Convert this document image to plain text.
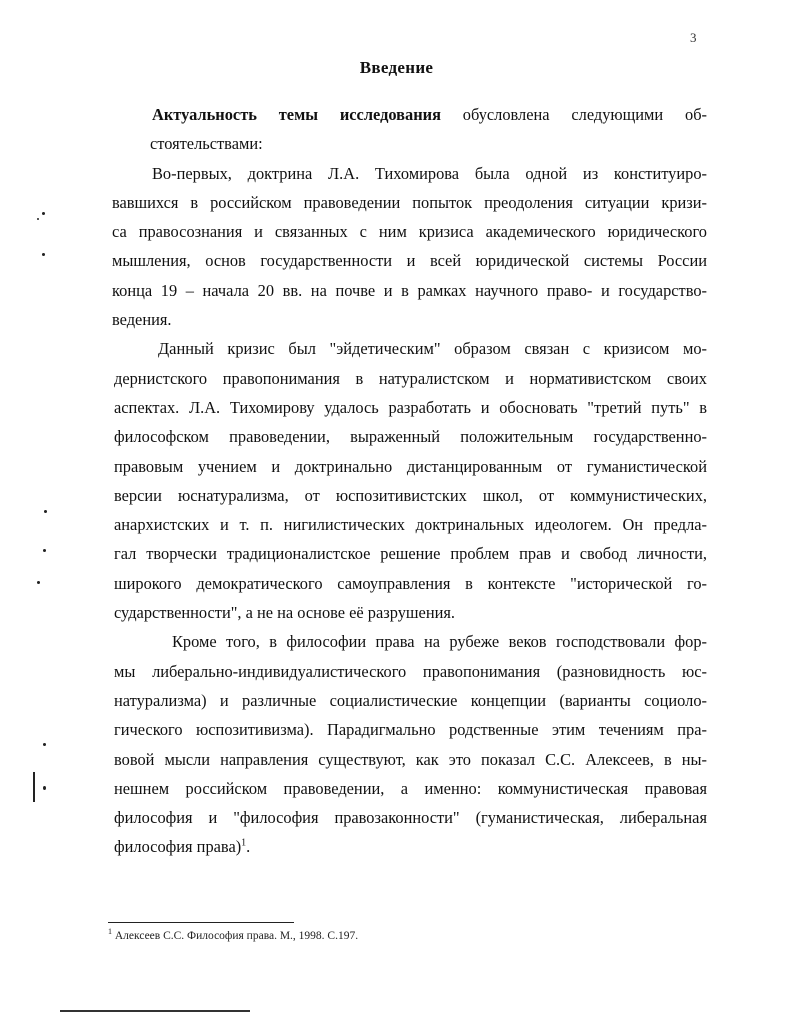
3
Введение
Актуальность темы исследования обусловлена следующими об-
стоятельствами:
Во-первых, доктрина Л.А. Тихомирова была одной из конституиро-
вавшихся в российском правоведении попыток преодоления ситуации кризи-
са правосознания и связанных с ним кризиса академического юридического
мышления, основ государственности и всей юридической системы России
конца 19 – начала 20 вв. на почве и в рамках научного право- и государство-
ведения.
Данный кризис был "эйдетическим" образом связан с кризисом мо-
дернистского правопонимания в натуралистском и нормативистском своих
аспектах. Л.А. Тихомирову удалось разработать и обосновать "третий путь" в
философском правоведении, выраженный положительным государственно-
правовым учением и доктринально дистанцированным от гуманистической
версии юснатурализма, от юспозитивистских школ, от коммунистических,
анархистских и т. п. нигилистических доктринальных идеологем. Он предла-
гал творчески традиционалистское решение проблем прав и свобод личности,
широкого демократического самоуправления в контексте "исторической го-
сударственности", а не на основе её разрушения.
Кроме того, в философии права на рубеже веков господствовали фор-
мы либерально-индивидуалистического правопонимания (разновидность юс-
натурализма) и различные социалистические концепции (варианты социоло-
гического юспозитивизма). Парадигмально родственные этим течениям пра-
вовой мысли направления существуют, как это показал С.С. Алексеев, в ны-
нешнем российском правоведении, а именно: коммунистическая правовая
философия и "философия правозаконности" (гуманистическая, либеральная
философия права)$^1$.
$^1$ Алексеев С.С. Философия права. М., 1998. С.197.
